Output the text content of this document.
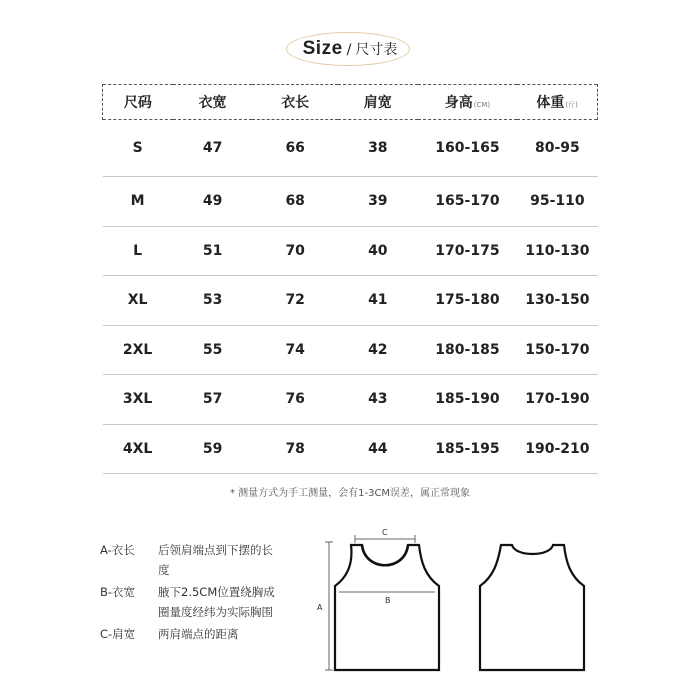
Size / 尺寸表
尺码	衣宽	衣长	肩宽	身高(CM)	体重(斤)
S	47	66	38	160-165	80-95
M	49	68	39	165-170	95-110
L	51	70	40	170-175	110-130
XL	53	72	41	175-180	130-150
2XL	55	74	42	180-185	150-170
3XL	57	76	43	185-190	170-190
4XL	59	78	44	185-195	190-210
* 测量方式为手工测量，会有1-3CM误差，属正常现象
A-衣长	后领肩端点到下摆的长度
B-衣宽	腋下2.5CM位置绕胸成圈量度经纬为实际胸围
C-肩宽	两肩端点的距离
A
C
B
